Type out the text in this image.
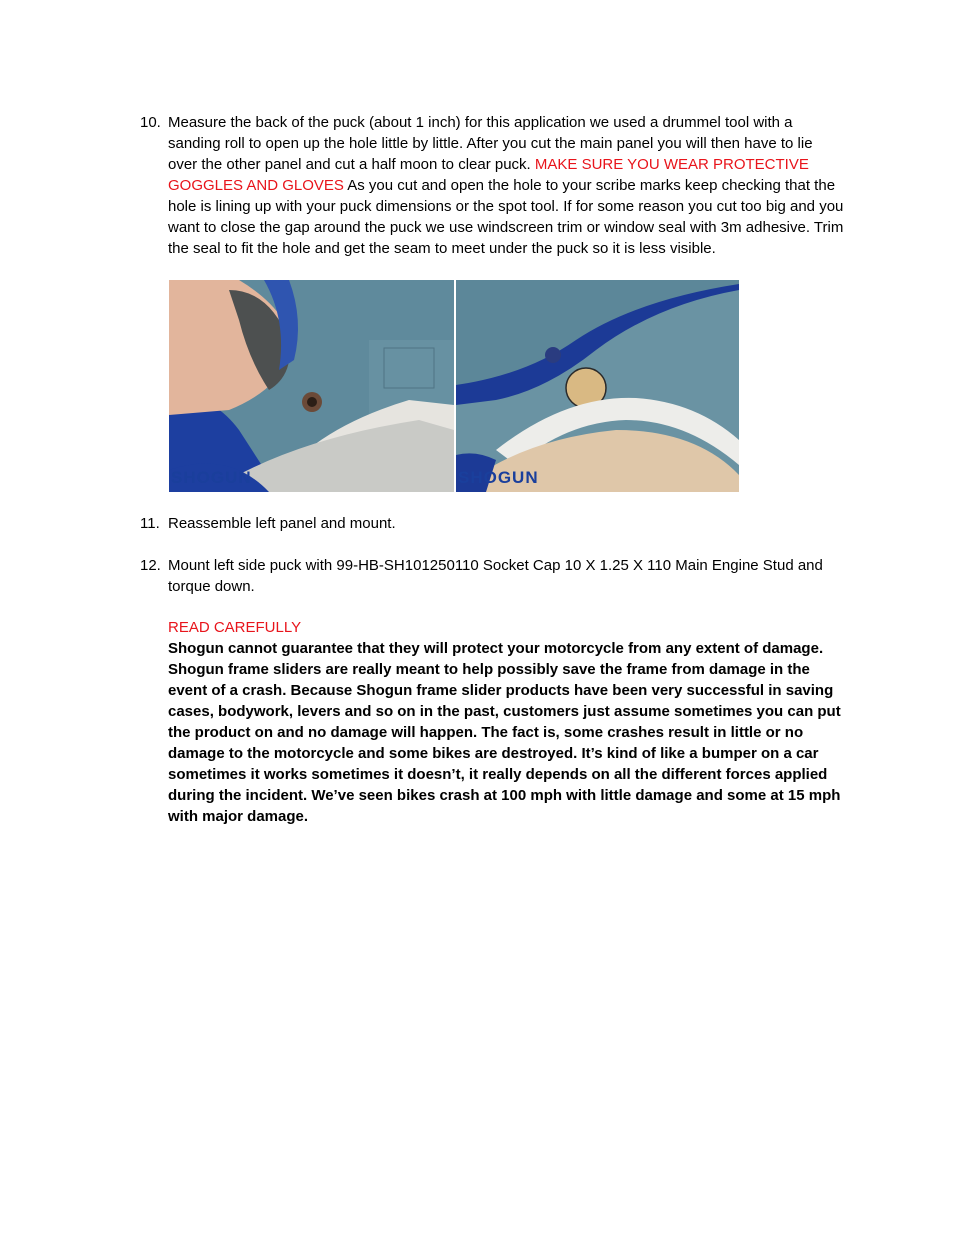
10. Measure the back of the puck (about 1 inch) for this application we used a drummel tool with a sanding roll to open up the hole little by little. After you cut the main panel you will then have to lie over the other panel and cut a half moon to clear puck. MAKE SURE YOU WEAR PROTECTIVE GOGGLES AND GLOVES As you cut and open the hole to your scribe marks keep checking that the hole is lining up with your puck dimensions or the spot tool. If for some reason you cut too big and you want to close the gap around the puck we use windscreen trim or window seal with 3m adhesive. Trim the seal to fit the hole and get the seam to meet under the puck so it is less visible.
SHOGUN	SHOGUN
11. Reassemble left panel and mount.
12. Mount left side puck with 99-HB-SH101250110 Socket Cap 10 X 1.25 X 110 Main Engine Stud and torque down.
READ CAREFULLY
Shogun cannot guarantee that they will protect your motorcycle from any extent of damage. Shogun frame sliders are really meant to help possibly save the frame from damage in the event of a crash. Because Shogun frame slider products have been very successful in saving cases, bodywork, levers and so on in the past, customers just assume sometimes you can put the product on and no damage will happen. The fact is, some crashes result in little or no damage to the motorcycle and some bikes are destroyed. It’s kind of like a bumper on a car sometimes it works sometimes it doesn’t, it really depends on all the different forces applied during the incident. We’ve seen bikes crash at 100 mph with little damage and some at 15 mph with major damage.
